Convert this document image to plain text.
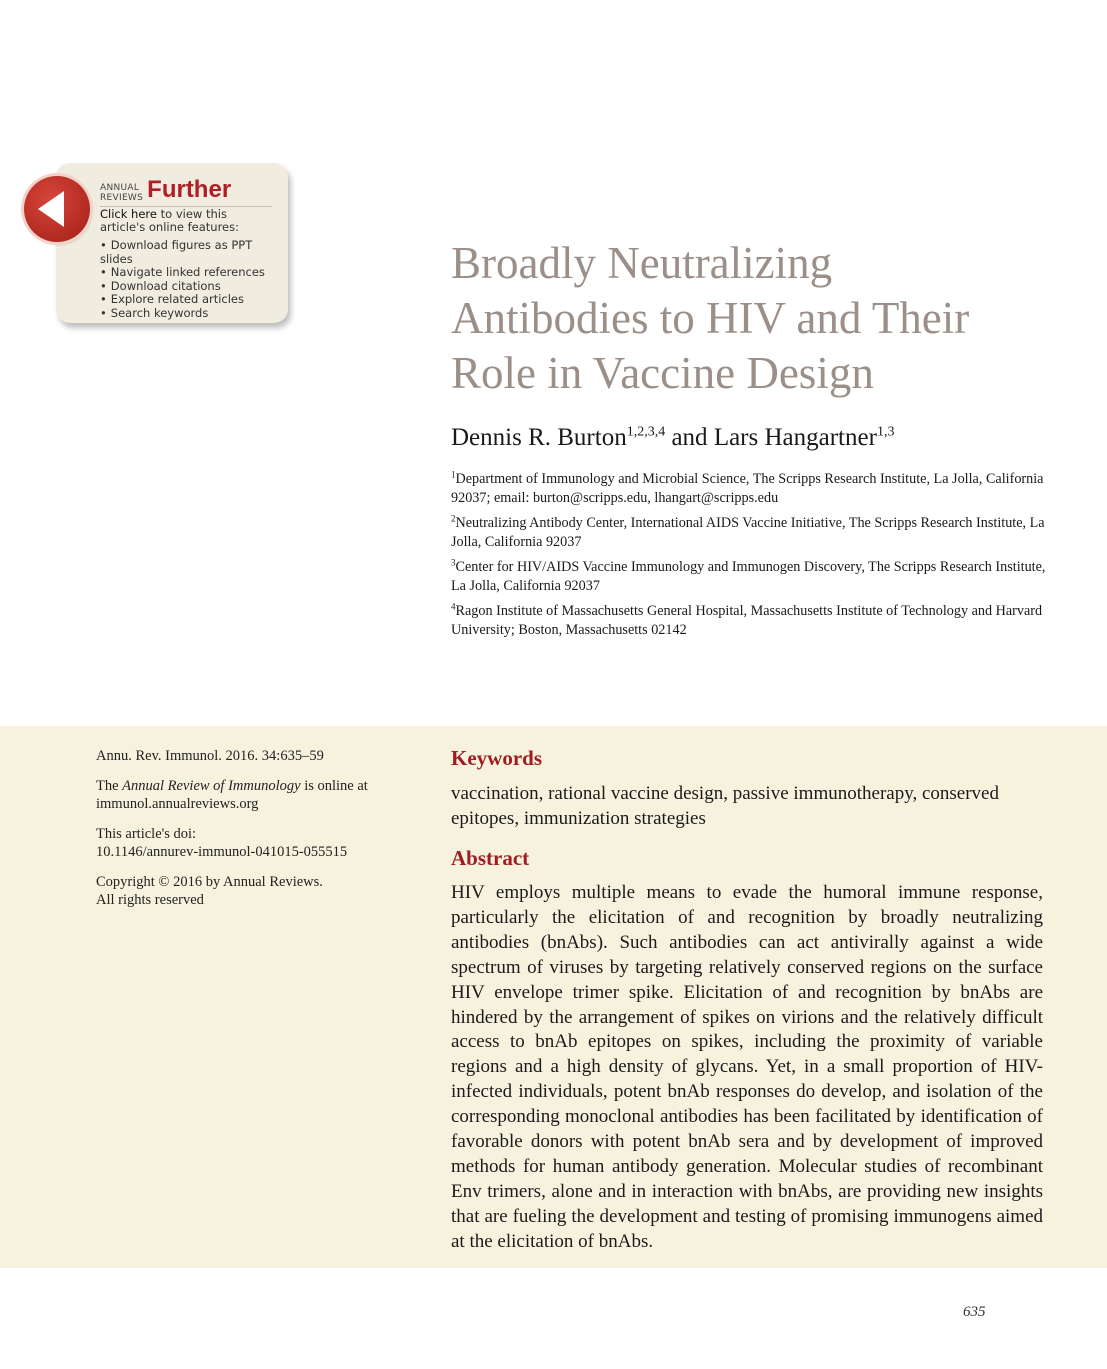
ANNUAL
REVIEWS Further
Click here to view this article's online features:
• Download figures as PPT slides
• Navigate linked references
• Download citations
• Explore related articles
• Search keywords
Broadly Neutralizing
Antibodies to HIV and Their
Role in Vaccine Design
Dennis R. Burton$^{1,2,3,4}$ and Lars Hangartner$^{1,3}$
$^1$Department of Immunology and Microbial Science, The Scripps Research Institute, La Jolla, California 92037; email: burton@scripps.edu, lhangart@scripps.edu
$^2$Neutralizing Antibody Center, International AIDS Vaccine Initiative, The Scripps Research Institute, La Jolla, California 92037
$^3$Center for HIV/AIDS Vaccine Immunology and Immunogen Discovery, The Scripps Research Institute, La Jolla, California 92037
$^4$Ragon Institute of Massachusetts General Hospital, Massachusetts Institute of Technology and Harvard University; Boston, Massachusetts 02142

Annu. Rev. Immunol. 2016. 34:635–59

The Annual Review of Immunology is online at immunol.annualreviews.org

This article's doi:
10.1146/annurev-immunol-041015-055515

Copyright © 2016 by Annual Reviews.
All rights reserved

Keywords

vaccination, rational vaccine design, passive immunotherapy, conserved epitopes, immunization strategies

Abstract

HIV employs multiple means to evade the humoral immune response, particularly the elicitation of and recognition by broadly neutralizing antibodies (bnAbs). Such antibodies can act antivirally against a wide spectrum of viruses by targeting relatively conserved regions on the surface HIV envelope trimer spike. Elicitation of and recognition by bnAbs are hindered by the arrangement of spikes on virions and the relatively difficult access to bnAb epitopes on spikes, including the proximity of variable regions and a high density of glycans. Yet, in a small proportion of HIV-infected individuals, potent bnAb responses do develop, and isolation of the corresponding monoclonal antibodies has been facilitated by identification of favorable donors with potent bnAb sera and by development of improved methods for human antibody generation. Molecular studies of recombinant Env trimers, alone and in interaction with bnAbs, are providing new insights that are fueling the development and testing of promising immunogens aimed at the elicitation of bnAbs.

635
